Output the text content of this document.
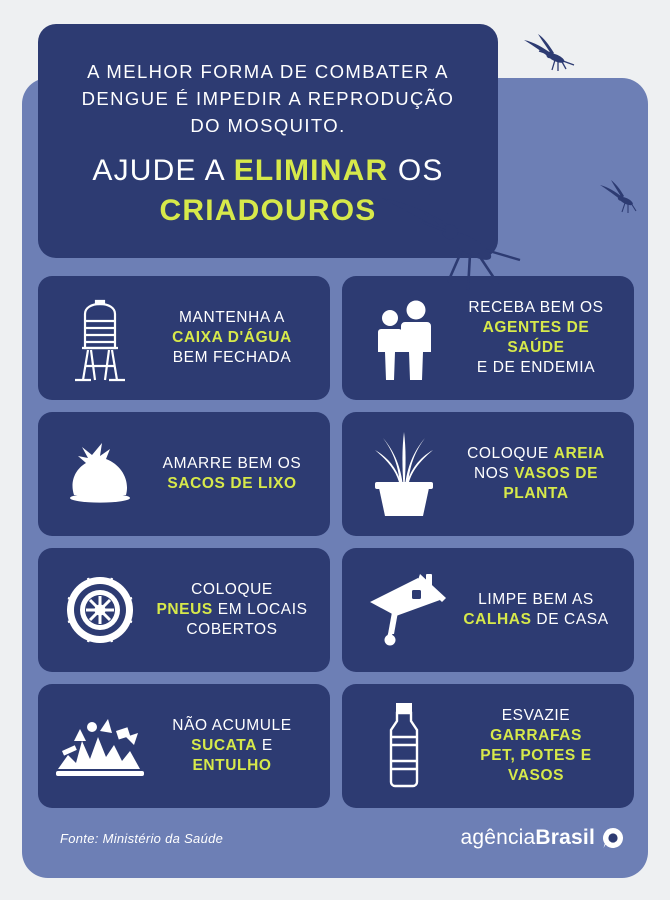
A MELHOR FORMA DE COMBATER A
DENGUE É IMPEDIR A REPRODUÇÃO
DO MOSQUITO.
AJUDE A ELIMINAR OS
CRIADOUROS
MANTENHA A
CAIXA D'ÁGUA
BEM FECHADA
RECEBA BEM OS
AGENTES DE SAÚDE
E DE ENDEMIA
AMARRE BEM OS
SACOS DE LIXO
COLOQUE AREIA
NOS VASOS DE
PLANTA
COLOQUE
PNEUS EM LOCAIS
COBERTOS
LIMPE BEM AS
CALHAS DE CASA
NÃO ACUMULE
SUCATA E ENTULHO
ESVAZIE GARRAFAS
PET, POTES E VASOS
Fonte: Ministério da Saúde	agência Brasil
